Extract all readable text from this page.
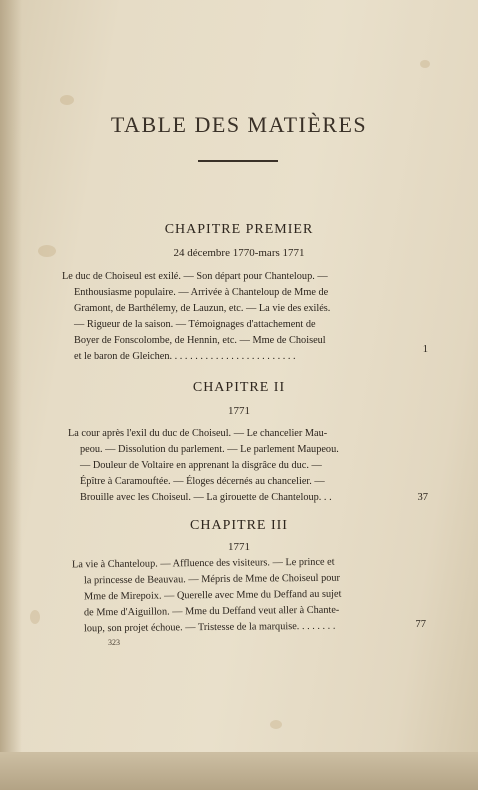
TABLE DES MATIÈRES
CHAPITRE PREMIER
24 décembre 1770-mars 1771
Le duc de Choiseul est exilé. — Son départ pour Chanteloup. —
Enthousiasme populaire. — Arrivée à Chanteloup de Mme de
Gramont, de Barthélemy, de Lauzun, etc. — La vie des exilés.
— Rigueur de la saison. — Témoignages d'attachement de
Boyer de Fonscolombe, de Hennin, etc. — Mme de Choiseul
et le baron de Gleichen. . . . . . . . . . . . . . . . . . . . . . . . .
1
CHAPITRE II
1771
La cour après l'exil du duc de Choiseul. — Le chancelier Mau-
peou. — Dissolution du parlement. — Le parlement Maupeou.
— Douleur de Voltaire en apprenant la disgrâce du duc. —
Épître à Caramouftée. — Éloges décernés au chancelier. —
Brouille avec les Choiseul. — La girouette de Chanteloup. . .	37
CHAPITRE III
1771
La vie à Chanteloup. — Affluence des visiteurs. — Le prince et
la princesse de Beauvau. — Mépris de Mme de Choiseul pour
Mme de Mirepoix. — Querelle avec Mme du Deffand au sujet
de Mme d'Aiguillon. — Mme du Deffand veut aller à Chante-
loup, son projet échoue. — Tristesse de la marquise. . . . . . . .	77
323
